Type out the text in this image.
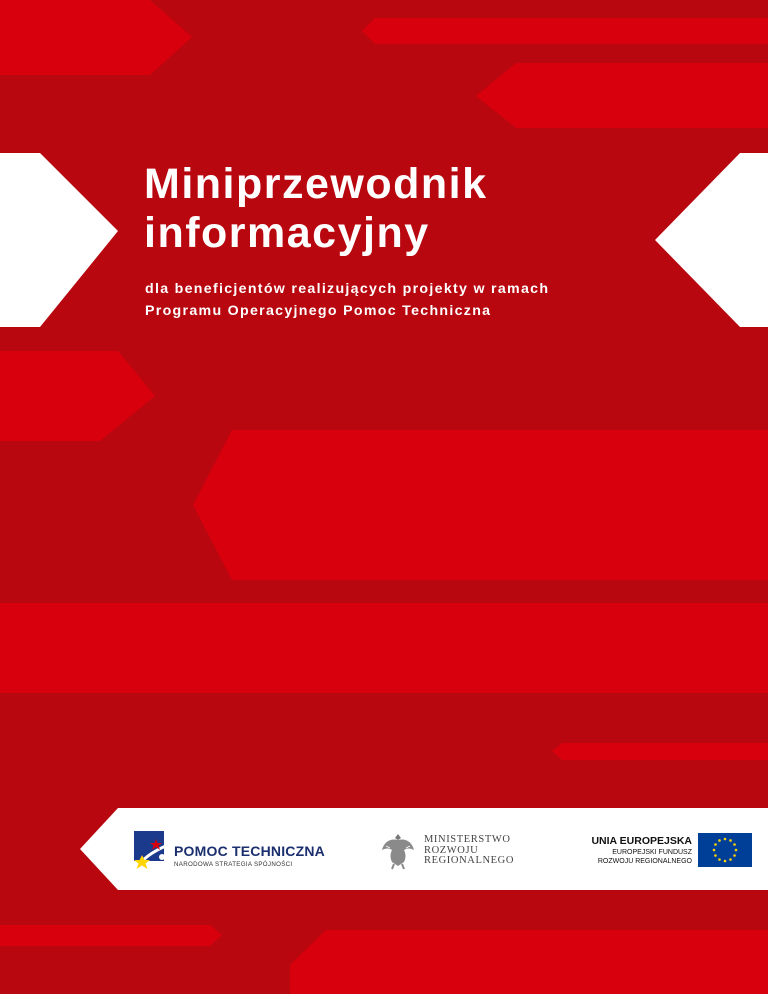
Miniprzewodnik
informacyjny

dla beneficjentów realizujących projekty w ramach
Programu Operacyjnego Pomoc Techniczna

POMOC TECHNICZNA
NARODOWA STRATEGIA SPÓJNOŚCI
MINISTERSTWO
ROZWOJU
REGIONALNEGO
UNIA EUROPEJSKA
EUROPEJSKI FUNDUSZ
ROZWOJU REGIONALNEGO
